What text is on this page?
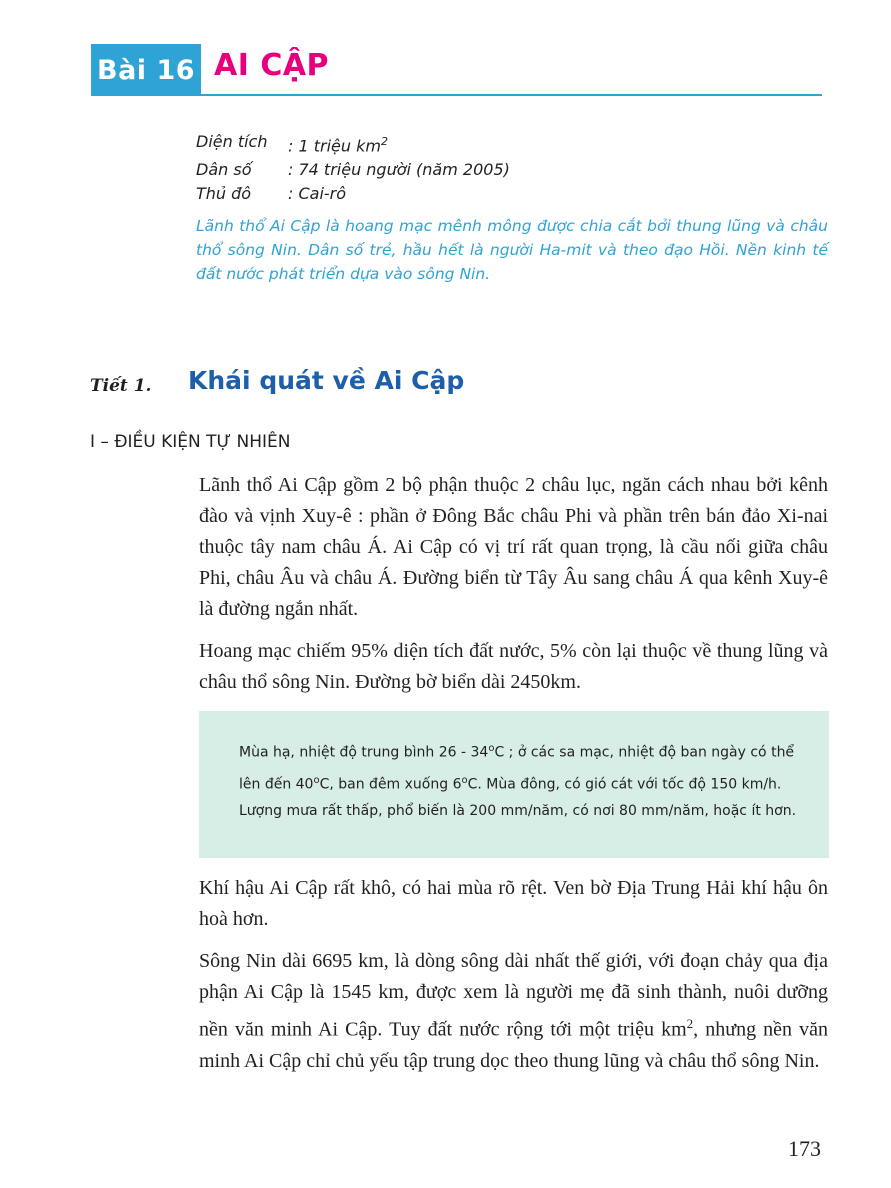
Bài 16 AI CẬP
Diện tích	: 1 triệu $km^2$
Dân số	: 74 triệu người (năm 2005)
Thủ đô	: Cai-rô
Lãnh thổ Ai Cập là hoang mạc mênh mông được chia cắt bởi thung lũng và châu thổ sông Nin. Dân số trẻ, hầu hết là người Ha-mit và theo đạo Hồi. Nền kinh tế đất nước phát triển dựa vào sông Nin.
Tiết 1. Khái quát về Ai Cập
I – ĐIỀU KIỆN TỰ NHIÊN

Lãnh thổ Ai Cập gồm 2 bộ phận thuộc 2 châu lục, ngăn cách nhau bởi kênh đào và vịnh Xuy-ê : phần ở Đông Bắc châu Phi và phần trên bán đảo Xi-nai thuộc tây nam châu Á. Ai Cập có vị trí rất quan trọng, là cầu nối giữa châu Phi, châu Âu và châu Á. Đường biển từ Tây Âu sang châu Á qua kênh Xuy-ê là đường ngắn nhất.

Hoang mạc chiếm 95% diện tích đất nước, 5% còn lại thuộc về thung lũng và châu thổ sông Nin. Đường bờ biển dài 2450km.

Mùa hạ, nhiệt độ trung bình 26 - 34$^o$C ; ở các sa mạc, nhiệt độ ban ngày có thể lên đến 40$^o$C, ban đêm xuống 6$^o$C. Mùa đông, có gió cát với tốc độ 150 km/h. Lượng mưa rất thấp, phổ biến là 200 mm/năm, có nơi 80 mm/năm, hoặc ít hơn.

Khí hậu Ai Cập rất khô, có hai mùa rõ rệt. Ven bờ Địa Trung Hải khí hậu ôn hoà hơn.

Sông Nin dài 6695 km, là dòng sông dài nhất thế giới, với đoạn chảy qua địa phận Ai Cập là 1545 km, được xem là người mẹ đã sinh thành, nuôi dưỡng nền văn minh Ai Cập. Tuy đất nước rộng tới một triệu $km^2$, nhưng nền văn minh Ai Cập chỉ chủ yếu tập trung dọc theo thung lũng và châu thổ sông Nin.

173
